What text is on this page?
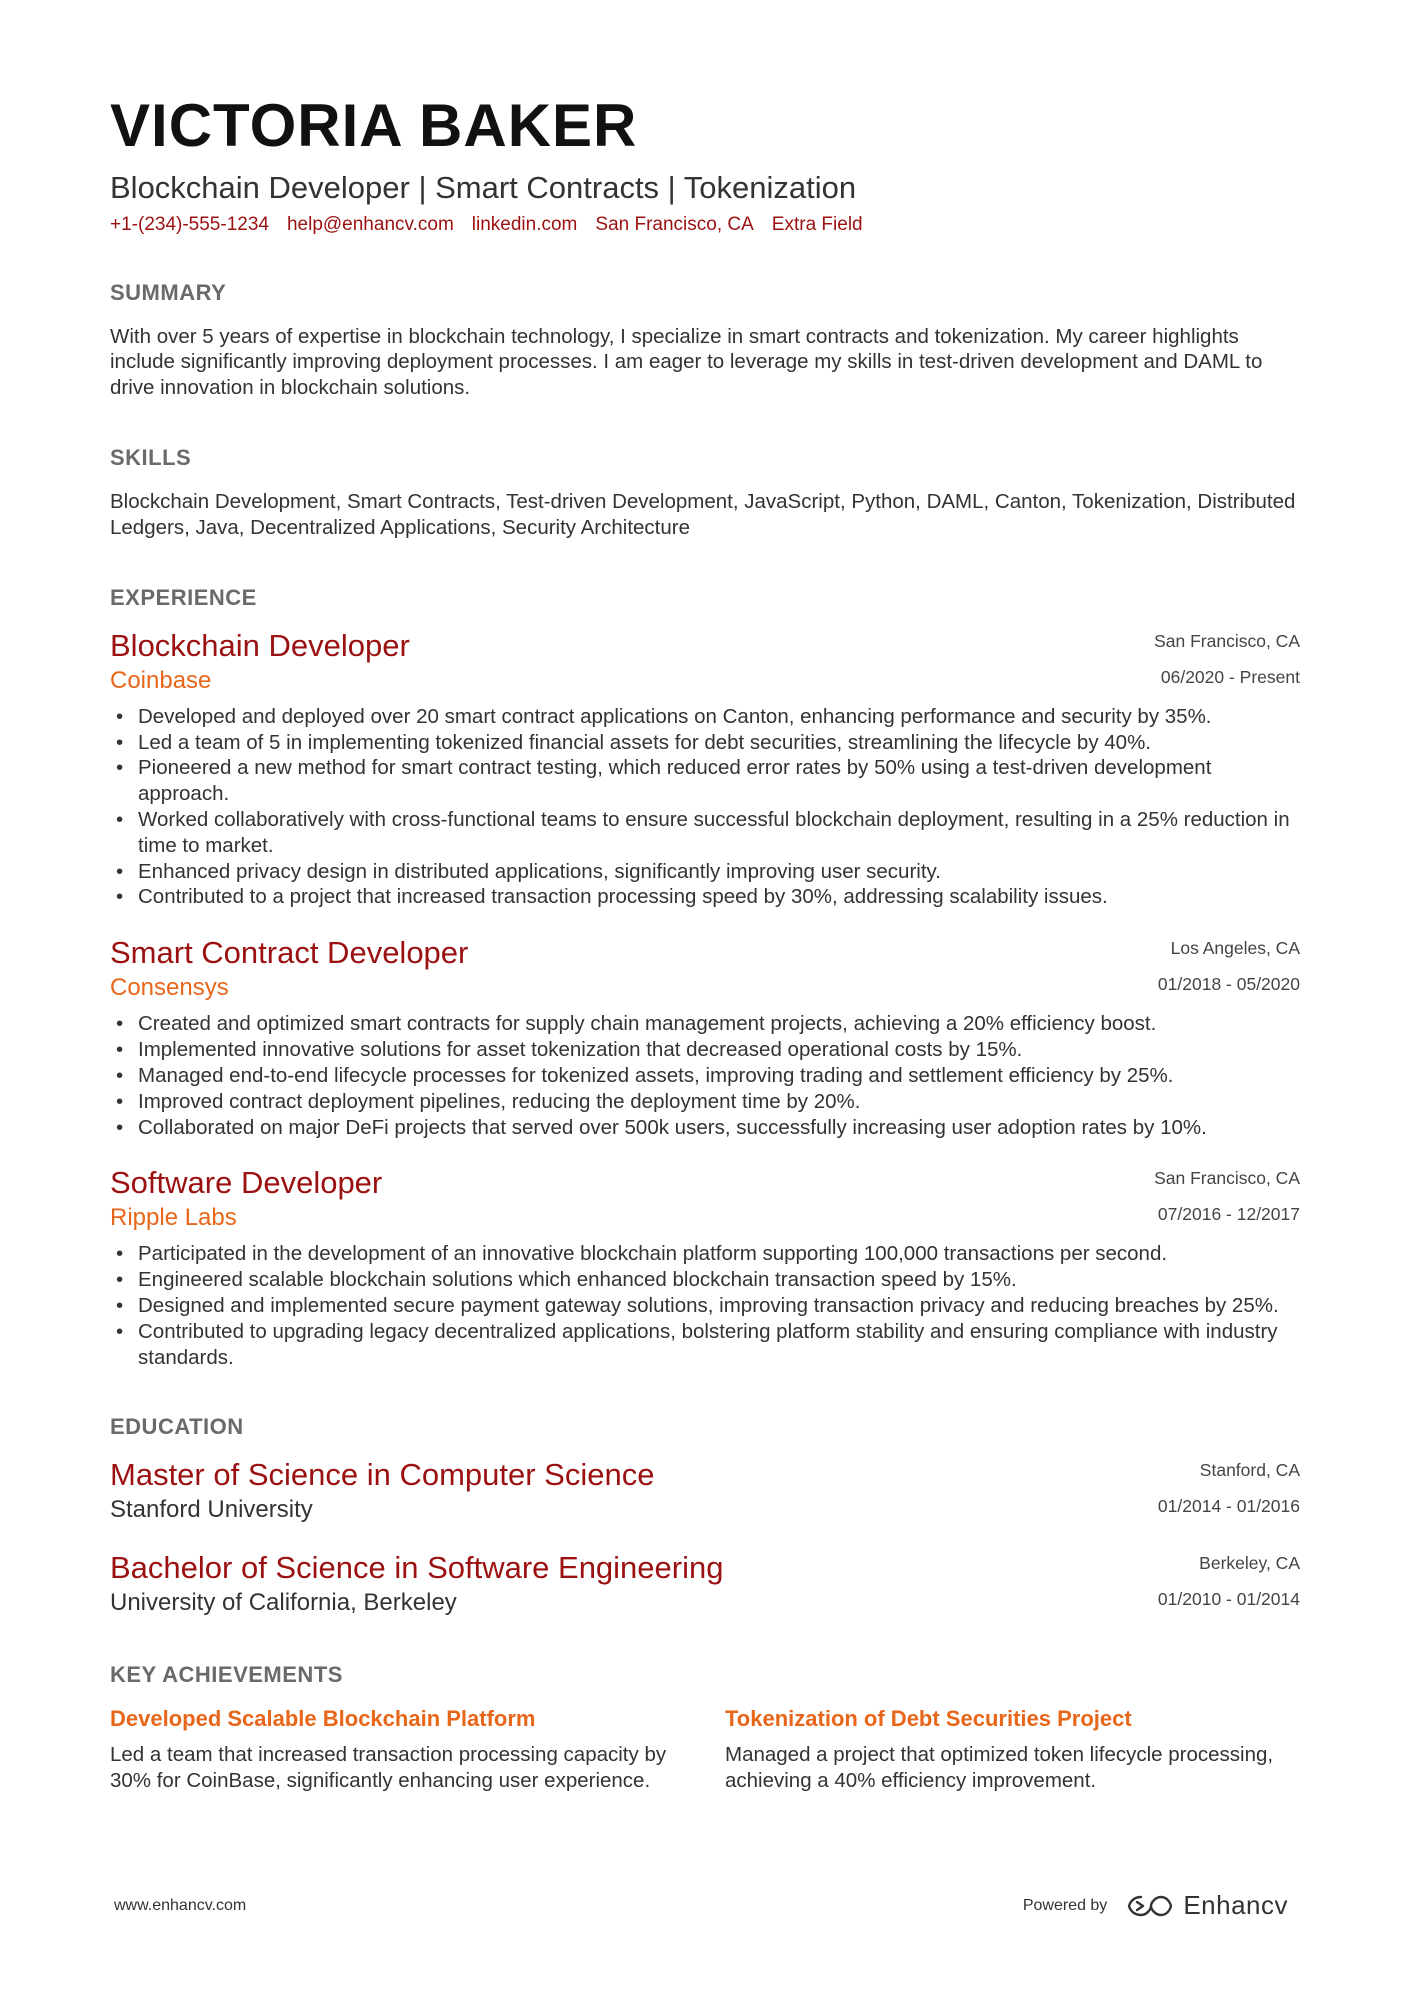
VICTORIA BAKER
Blockchain Developer | Smart Contracts | Tokenization
+1-(234)-555-1234 help@enhancv.com linkedin.com San Francisco, CA Extra Field
SUMMARY

With over 5 years of expertise in blockchain technology, I specialize in smart contracts and tokenization. My career highlights include significantly improving deployment processes. I am eager to leverage my skills in test-driven development and DAML to drive innovation in blockchain solutions.

SKILLS

Blockchain Development, Smart Contracts, Test-driven Development, JavaScript, Python, DAML, Canton, Tokenization, Distributed Ledgers, Java, Decentralized Applications, Security Architecture

EXPERIENCE
Blockchain Developer
Coinbase
San Francisco, CA
06/2020 - Present
• Developed and deployed over 20 smart contract applications on Canton, enhancing performance and security by 35%.
• Led a team of 5 in implementing tokenized financial assets for debt securities, streamlining the lifecycle by 40%.
• Pioneered a new method for smart contract testing, which reduced error rates by 50% using a test-driven development approach.
• Worked collaboratively with cross-functional teams to ensure successful blockchain deployment, resulting in a 25% reduction in time to market.
• Enhanced privacy design in distributed applications, significantly improving user security.
• Contributed to a project that increased transaction processing speed by 30%, addressing scalability issues.
Smart Contract Developer
Consensys
Los Angeles, CA
01/2018 - 05/2020
• Created and optimized smart contracts for supply chain management projects, achieving a 20% efficiency boost.
• Implemented innovative solutions for asset tokenization that decreased operational costs by 15%.
• Managed end-to-end lifecycle processes for tokenized assets, improving trading and settlement efficiency by 25%.
• Improved contract deployment pipelines, reducing the deployment time by 20%.
• Collaborated on major DeFi projects that served over 500k users, successfully increasing user adoption rates by 10%.
Software Developer
Ripple Labs
San Francisco, CA
07/2016 - 12/2017
• Participated in the development of an innovative blockchain platform supporting 100,000 transactions per second.
• Engineered scalable blockchain solutions which enhanced blockchain transaction speed by 15%.
• Designed and implemented secure payment gateway solutions, improving transaction privacy and reducing breaches by 25%.
• Contributed to upgrading legacy decentralized applications, bolstering platform stability and ensuring compliance with industry standards.
EDUCATION
Master of Science in Computer Science
Stanford University
Stanford, CA
01/2014 - 01/2016
Bachelor of Science in Software Engineering
University of California, Berkeley
Berkeley, CA
01/2010 - 01/2014
KEY ACHIEVEMENTS
Developed Scalable Blockchain Platform

Led a team that increased transaction processing capacity by 30% for CoinBase, significantly enhancing user experience.

Tokenization of Debt Securities Project

Managed a project that optimized token lifecycle processing, achieving a 40% efficiency improvement.

www.enhancv.com	Powered by	Enhancv
